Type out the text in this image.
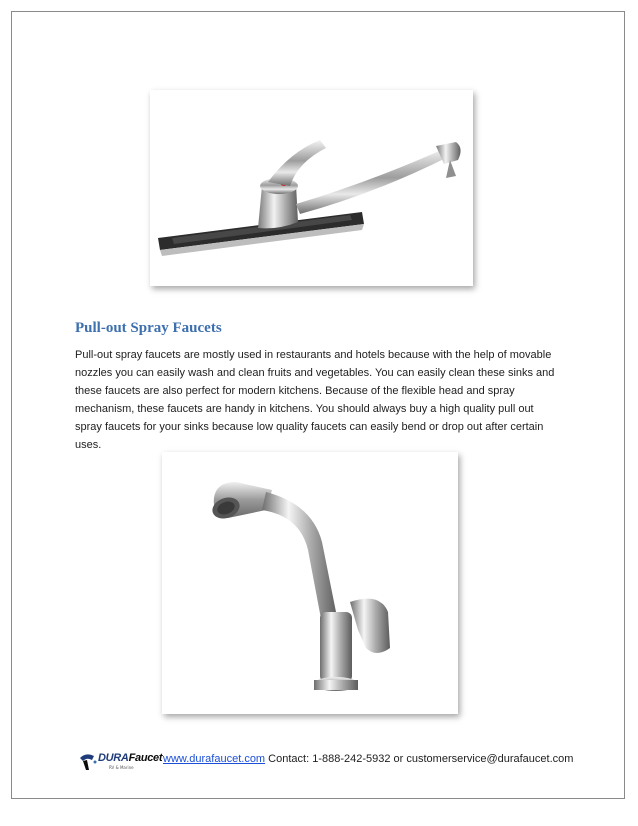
Pull-out Spray Faucets

Pull-out spray faucets are mostly used in restaurants and hotels because with the help of movable nozzles you can easily wash and clean fruits and vegetables. You can easily clean these sinks and these faucets are also perfect for modern kitchens. Because of the flexible head and spray mechanism, these faucets are handy in kitchens. You should always buy a high quality pull out spray faucets for your sinks because low quality faucets can easily bend or drop out after certain uses.

DURAFaucet
RV & Marine
www.durafaucet.com Contact: 1-888-242-5932 or customerservice@durafaucet.com
